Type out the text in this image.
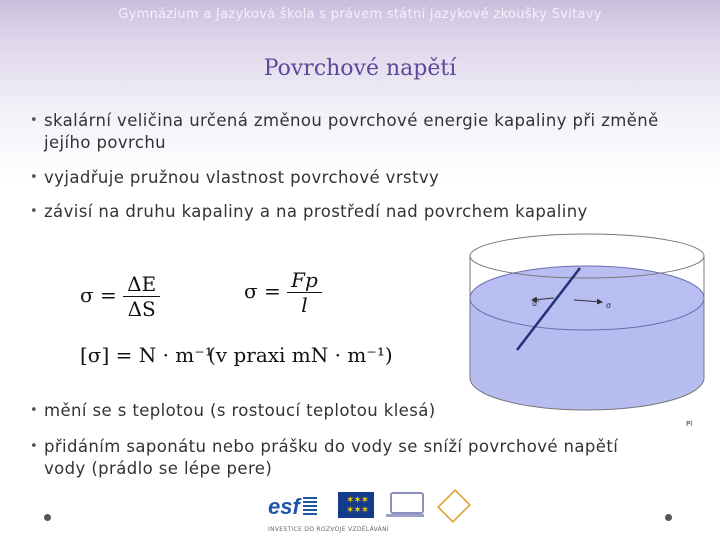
Gymnázium a Jazyková škola s právem státní jazykové zkoušky Svitavy
Povrchové napětí
• skalární veličina určená změnou povrchové energie kapaliny při změně jejího povrchu
• vyjadřuje pružnou vlastnost povrchové vrstvy
• závisí na druhu kapaliny a na prostředí nad povrchem kapaliny
$\sigma = \frac{\Delta E}{\Delta S}$	$\sigma = \frac{Fp}{l}$
[σ] = N · m⁻¹
(v praxi mN · m⁻¹)
σ'	σ
Pl
• mění se s teplotou (s rostoucí teplotou klesá)
• přidáním saponátu nebo prášku do vody se sníží povrchové napětí vody (prádlo se lépe pere)
esf	✶✶✶
✶✶✶
INVESTICE DO ROZVOJE VZDĚLÁVÁNÍ
